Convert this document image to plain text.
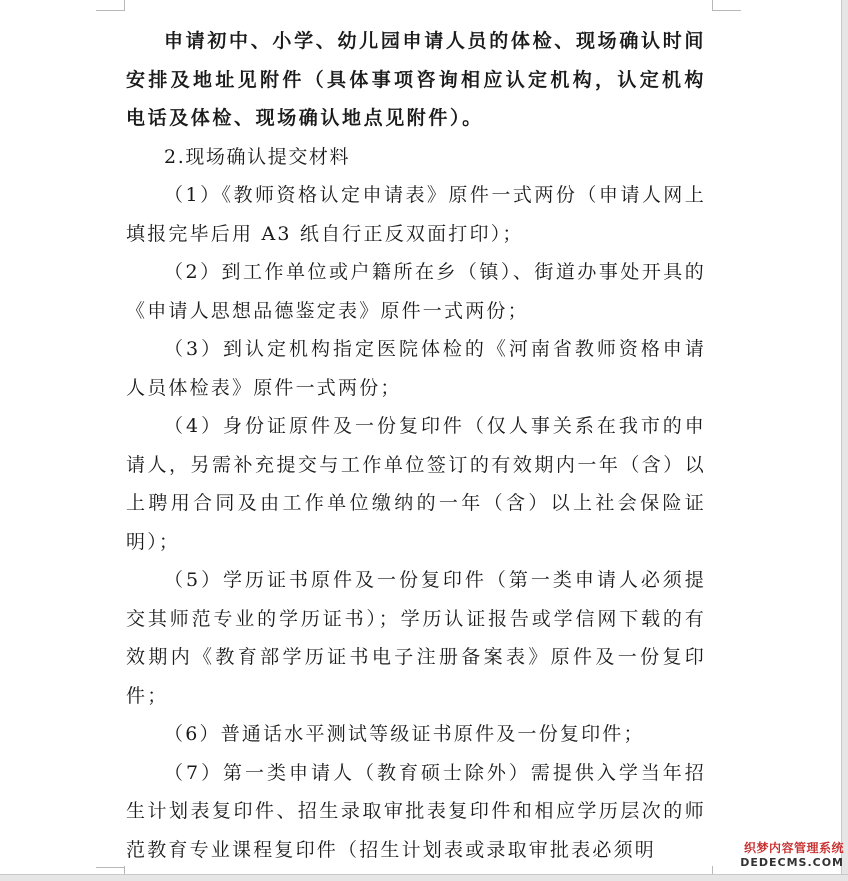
申请初中、小学、幼儿园申请人员的体检、现场确认时间安排及地址见附件（具体事项咨询相应认定机构，认定机构电话及体检、现场确认地点见附件）。

2.现场确认提交材料

（1）《教师资格认定申请表》原件一式两份（申请人网上填报完毕后用 A3 纸自行正反双面打印）；

（2）到工作单位或户籍所在乡（镇）、街道办事处开具的《申请人思想品德鉴定表》原件一式两份；

（3）到认定机构指定医院体检的《河南省教师资格申请人员体检表》原件一式两份；

（4）身份证原件及一份复印件（仅人事关系在我市的申请人，另需补充提交与工作单位签订的有效期内一年（含）以上聘用合同及由工作单位缴纳的一年（含）以上社会保险证明）；

（5）学历证书原件及一份复印件（第一类申请人必须提交其师范专业的学历证书）；学历认证报告或学信网下载的有效期内《教育部学历证书电子注册备案表》原件及一份复印件；

（6）普通话水平测试等级证书原件及一份复印件；

（7）第一类申请人（教育硕士除外）需提供入学当年招生计划表复印件、招生录取审批表复印件和相应学历层次的师范教育专业课程复印件（招生计划表或录取审批表必须明	织梦内容管理系统
DEDECMS.COM
